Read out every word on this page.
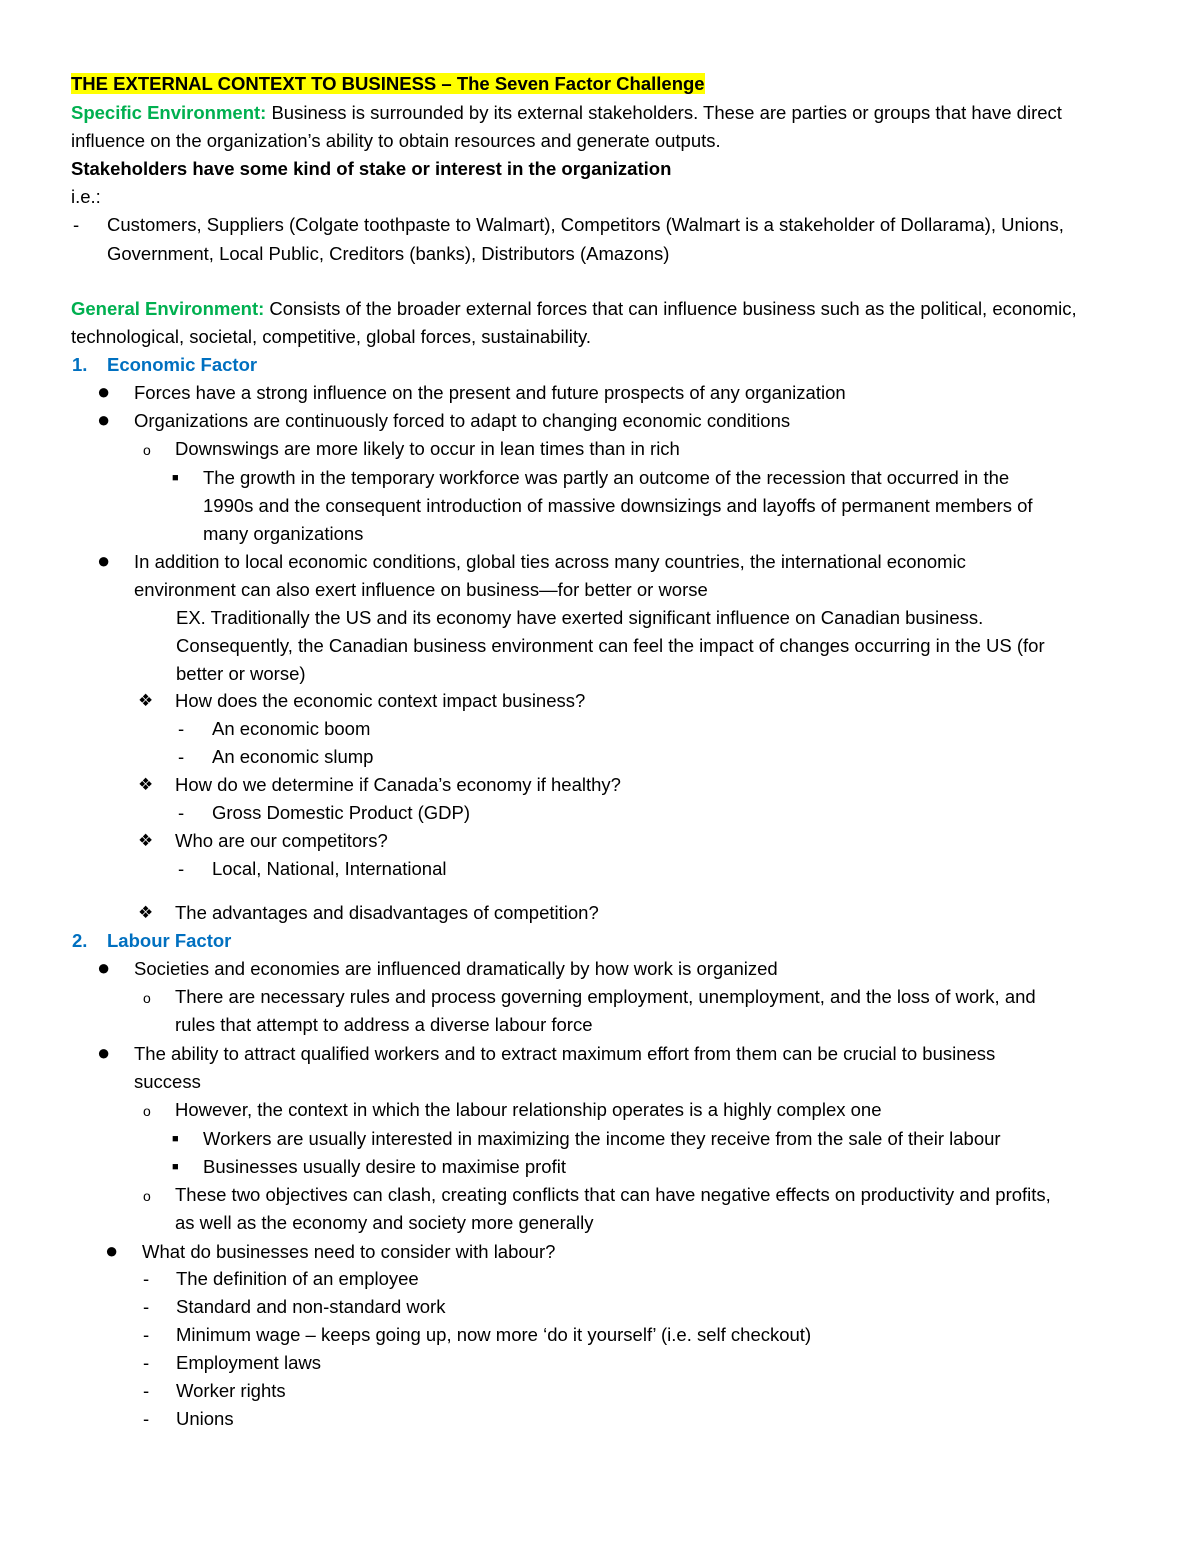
THE EXTERNAL CONTEXT TO BUSINESS – The Seven Factor Challenge
Specific Environment: Business is surrounded by its external stakeholders. These are parties or groups that have direct
influence on the organization’s ability to obtain resources and generate outputs.
Stakeholders have some kind of stake or interest in the organization
i.e.:
- Customers, Suppliers (Colgate toothpaste to Walmart), Competitors (Walmart is a stakeholder of Dollarama), Unions,
Government, Local Public, Creditors (banks), Distributors (Amazons)
General Environment: Consists of the broader external forces that can influence business such as the political, economic,
technological, societal, competitive, global forces, sustainability.
1. Economic Factor
● Forces have a strong influence on the present and future prospects of any organization
● Organizations are continuously forced to adapt to changing economic conditions
o Downswings are more likely to occur in lean times than in rich
■ The growth in the temporary workforce was partly an outcome of the recession that occurred in the
1990s and the consequent introduction of massive downsizings and layoffs of permanent members of
many organizations
● In addition to local economic conditions, global ties across many countries, the international economic
environment can also exert influence on business—for better or worse
EX. Traditionally the US and its economy have exerted significant influence on Canadian business.
Consequently, the Canadian business environment can feel the impact of changes occurring in the US (for
better or worse)
❖ How does the economic context impact business?
- An economic boom
- An economic slump
❖ How do we determine if Canada’s economy if healthy?
- Gross Domestic Product (GDP)
❖ Who are our competitors?
- Local, National, International
❖ The advantages and disadvantages of competition?
2. Labour Factor
● Societies and economies are influenced dramatically by how work is organized
o There are necessary rules and process governing employment, unemployment, and the loss of work, and
rules that attempt to address a diverse labour force
● The ability to attract qualified workers and to extract maximum effort from them can be crucial to business
success
o However, the context in which the labour relationship operates is a highly complex one
■ Workers are usually interested in maximizing the income they receive from the sale of their labour
■ Businesses usually desire to maximise profit
o These two objectives can clash, creating conflicts that can have negative effects on productivity and profits,
as well as the economy and society more generally
● What do businesses need to consider with labour?
- The definition of an employee
- Standard and non-standard work
- Minimum wage – keeps going up, now more ‘do it yourself’ (i.e. self checkout)
- Employment laws
- Worker rights
- Unions
